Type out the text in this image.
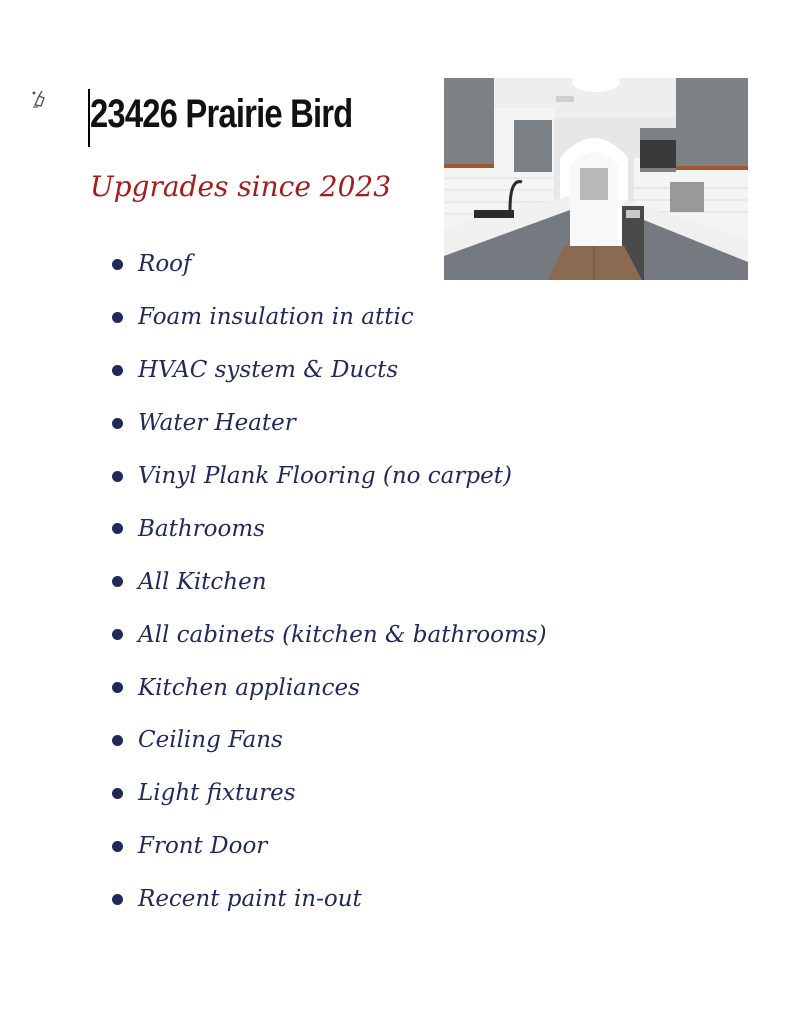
23426 Prairie Bird
Upgrades since 2023
Roof
Foam insulation in attic
HVAC system & Ducts
Water Heater
Vinyl Plank Flooring (no carpet)
Bathrooms
All Kitchen
All cabinets (kitchen & bathrooms)
Kitchen appliances
Ceiling Fans
Light fixtures
Front Door
Recent paint in-out
